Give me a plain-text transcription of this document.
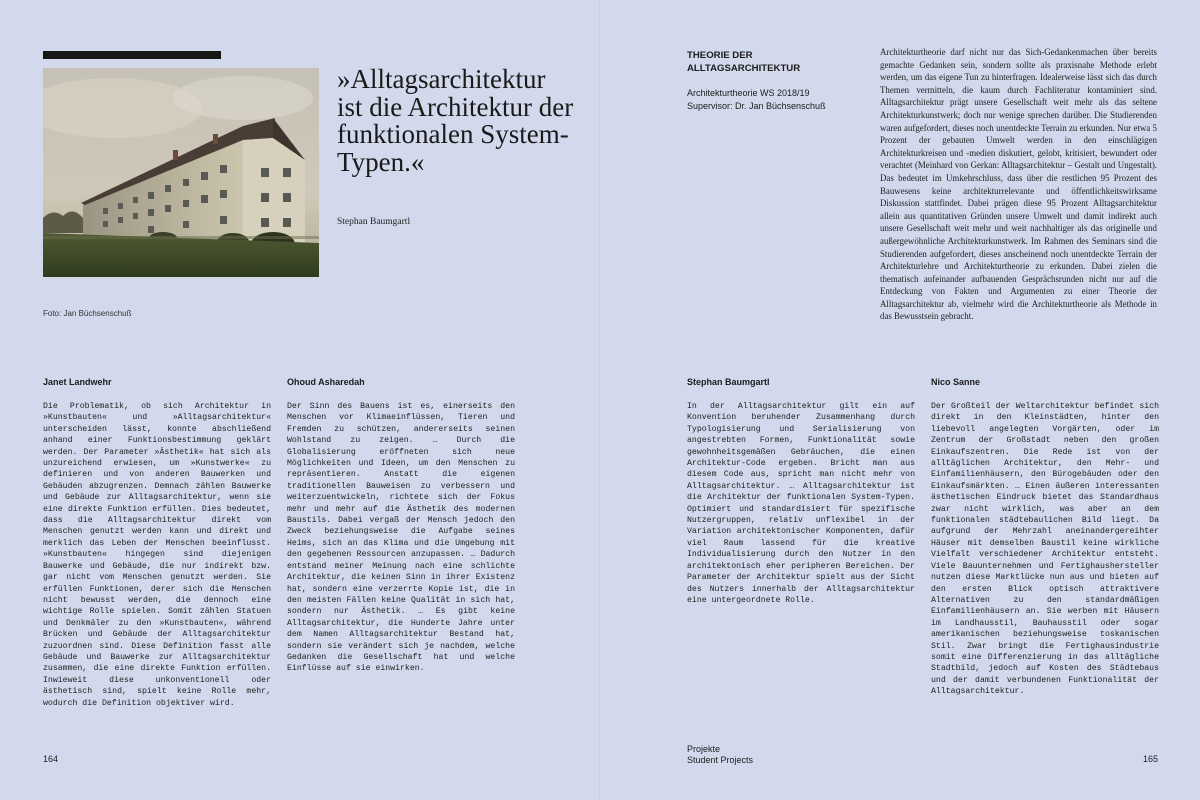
Foto: Jan Büchsenschuß
»Alltagsarchitektur ist die Architektur der funktionalen System-Typen.«
Stephan Baumgartl
THEORIE DER ALLTAGSARCHITEKTUR
Architekturtheorie WS 2018/19
Supervisor: Dr. Jan Büchsenschuß
Architekturtheorie darf nicht nur das Sich-Gedankenmachen über bereits gemachte Gedanken sein, sondern sollte als praxisnahe Methode erlebt werden, um das eigene Tun zu hinterfragen. Idealerweise lässt sich das durch Themen vermitteln, die kaum durch Fachliteratur kontaminiert sind. Alltagsarchitektur prägt unsere Gesellschaft weit mehr als das seltene Architekturkunstwerk; doch nur wenige sprechen darüber. Die Studierenden waren aufgefordert, dieses noch unentdeckte Terrain zu erkunden. Nur etwa 5 Prozent der gebauten Umwelt werden in den einschlägigen Architekturkreisen und -medien diskutiert, gelobt, kritisiert, bewundert oder verachtet (Meinhard von Gerkan: Alltagsarchitektur – Gestalt und Ungestalt). Das bedeutet im Umkehrschluss, dass über die restlichen 95 Prozent des Bauwesens keine architekturrelevante und öffentlichkeitswirksame Diskussion stattfindet. Dabei prägen diese 95 Prozent Alltagsarchitektur allein aus quantitativen Gründen unsere Umwelt und damit indirekt auch unsere Gesellschaft weit mehr und weit nachhaltiger als das originelle und außergewöhnliche Architekturkunstwerk. Im Rahmen des Seminars sind die Studierenden aufgefordert, dieses anscheinend noch unentdeckte Terrain der Architekturlehre und Architekturtheorie zu erkunden. Dabei zielen die thematisch aufeinander aufbauenden Gesprächsrunden nicht nur auf die Entdeckung von Fakten und Argumenten zu einer Theorie der Alltagsarchitektur ab, vielmehr wird die Architekturtheorie als Methode in das Bewusstsein gebracht.

Janet Landwehr

Die Problematik, ob sich Architektur in »Kunstbauten« und »Alltagsarchitektur« unterscheiden lässt, konnte abschließend anhand einer Funktionsbestimmung geklärt werden. Der Parameter »Ästhetik« hat sich als unzureichend erwiesen, um »Kunstwerke« zu definieren und von anderen Bauwerken und Gebäuden abzugrenzen. Demnach zählen Bauwerke und Gebäude zur Alltagsarchitektur, wenn sie eine direkte Funktion erfüllen. Dies bedeutet, dass die Alltagsarchitektur direkt vom Menschen genutzt werden kann und direkt und merklich das Leben der Menschen beeinflusst. »Kunstbauten« hingegen sind diejenigen Bauwerke und Gebäude, die nur indirekt bzw. gar nicht vom Menschen genutzt werden. Sie erfüllen Funktionen, derer sich die Menschen nicht bewusst werden, die dennoch eine wichtige Rolle spielen. Somit zählen Statuen und Denkmäler zu den »Kunstbauten«, während Brücken und Gebäude der Alltagsarchitektur zuzuordnen sind. Diese Definition fasst alle Gebäude und Bauwerke zur Alltagsarchitektur zusammen, die eine direkte Funktion erfüllen. Inwieweit diese unkonventionell oder ästhetisch sind, spielt keine Rolle mehr, wodurch die Definition objektiver wird.

Ohoud Asharedah

Der Sinn des Bauens ist es, einerseits den Menschen vor Klimaeinflüssen, Tieren und Fremden zu schützen, andererseits seinen Wohlstand zu zeigen. … Durch die Globalisierung eröffneten sich neue Möglichkeiten und Ideen, um den Menschen zu repräsentieren. Anstatt die eigenen traditionellen Bauweisen zu verbessern und weiterzuentwickeln, richtete sich der Fokus mehr und mehr auf die Ästhetik des modernen Baustils. Dabei vergaß der Mensch jedoch den Zweck beziehungsweise die Aufgabe seines Heims, sich an das Klima und die Umgebung mit den gegebenen Ressourcen anzupassen. … Dadurch entstand meiner Meinung nach eine schlichte Architektur, die keinen Sinn in ihrer Existenz hat, sondern eine verzerrte Kopie ist, die in den meisten Fällen keine Qualität in sich hat, sondern nur Ästhetik. … Es gibt keine Alltagsarchitektur, die Hunderte Jahre unter dem Namen Alltagsarchitektur Bestand hat, sondern sie verändert sich je nachdem, welche Gedanken die Gesellschaft hat und welche Einflüsse auf sie einwirken.

Stephan Baumgartl

In der Alltagsarchitektur gilt ein auf Konvention beruhender Zusammenhang durch Typologisierung und Serialisierung von angestrebten Formen, Funktionalität sowie gewohnheitsgemäßen Gebräuchen, die einen Architektur-Code ergeben. Bricht man aus diesem Code aus, spricht man nicht mehr von Alltagsarchitektur. … Alltagsarchitektur ist die Architektur der funktionalen System-Typen. Optimiert und standardisiert für spezifische Nutzergruppen, relativ unflexibel in der Variation architektonischer Komponenten, dafür viel Raum lassend für die kreative Individualisierung durch den Nutzer in den architektonisch eher peripheren Bereichen. Der Parameter der Architektur spielt aus der Sicht des Nutzers innerhalb der Alltagsarchitektur eine untergeordnete Rolle.

Nico Sanne

Der Großteil der Weltarchitektur befindet sich direkt in den Kleinstädten, hinter den liebevoll angelegten Vorgärten, oder im Zentrum der Großstadt neben den großen Einkaufszentren. Die Rede ist von der alltäglichen Architektur, den Mehr- und Einfamilienhäusern, den Bürogebäuden oder den Einkaufsmärkten. … Einen äußeren interessanten ästhetischen Eindruck bietet das Standardhaus zwar nicht wirklich, was aber an dem funktionalen städtebaulichen Bild liegt. Da aufgrund der Mehrzahl aneinandergereihter Häuser mit demselben Baustil keine wirkliche Vielfalt verschiedener Architektur entsteht. Viele Bauunternehmen und Fertighaushersteller nutzen diese Marktlücke nun aus und bieten auf den ersten Blick optisch attraktivere Alternativen zu den standardmäßigen Einfamilienhäusern an. Sie werben mit Häusern im Landhausstil, Bauhausstil oder sogar amerikanischen beziehungsweise toskanischen Stil. Zwar bringt die Fertighausindustrie somit eine Differenzierung in das alltägliche Stadtbild, jedoch auf Kosten des Städtebaus und der damit verbundenen Funktionalität der Alltagsarchitektur.

164
Projekte
Student Projects	165
